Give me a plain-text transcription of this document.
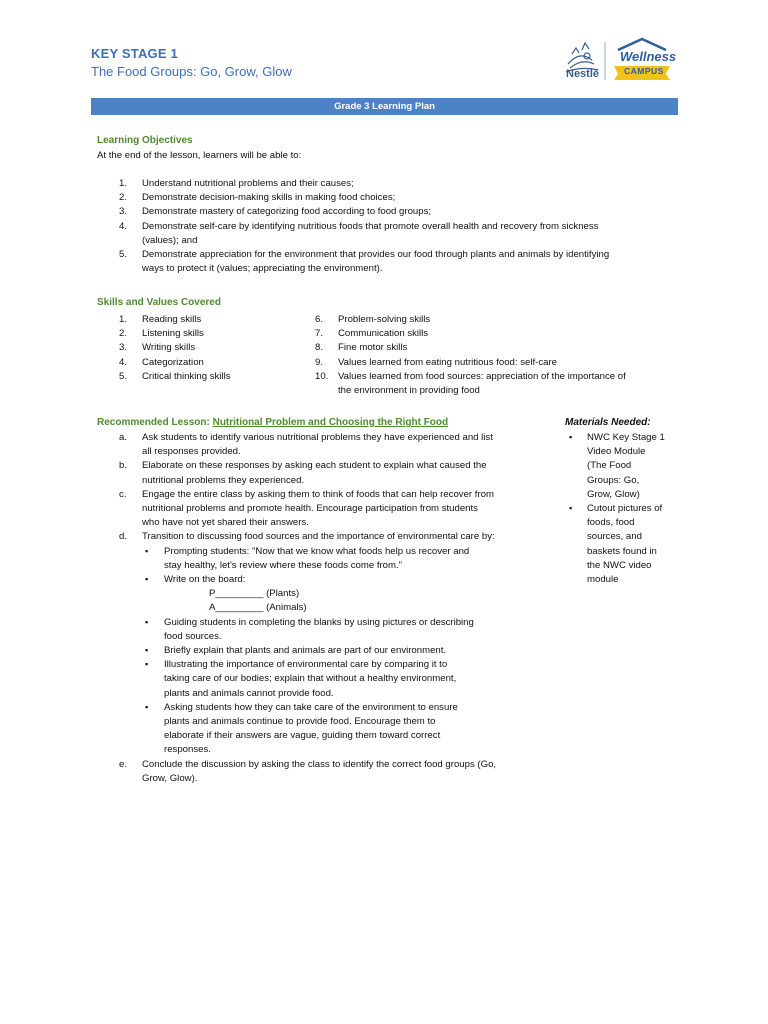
KEY STAGE 1
The Food Groups: Go, Grow, Glow	Nestlé
Wellness
CAMPUS
Grade 3 Learning Plan
Learning Objectives
At the end of the lesson, learners will be able to:
1. Understand nutritional problems and their causes;
2. Demonstrate decision-making skills in making food choices;
3. Demonstrate mastery of categorizing food according to food groups;
4. Demonstrate self-care by identifying nutritious foods that promote overall health and recovery from sickness
(values); and
5. Demonstrate appreciation for the environment that provides our food through plants and animals by identifying
ways to protect it (values; appreciating the environment).
Skills and Values Covered
1. Reading skills
2. Listening skills
3. Writing skills
4. Categorization
5. Critical thinking skills
6. Problem-solving skills
7. Communication skills
8. Fine motor skills
9. Values learned from eating nutritious food: self-care
10. Values learned from food sources: appreciation of the importance of
the environment in providing food
Recommended Lesson: Nutritional Problem and Choosing the Right Food
a. Ask students to identify various nutritional problems they have experienced and list
all responses provided.
b. Elaborate on these responses by asking each student to explain what caused the
nutritional problems they experienced.
c. Engage the entire class by asking them to think of foods that can help recover from
nutritional problems and promote health. Encourage participation from students
who have not yet shared their answers.
d. Transition to discussing food sources and the importance of environmental care by:
▪ Prompting students: "Now that we know what foods help us recover and
stay healthy, let's review where these foods come from."
▪ Write on the board:
P_________ (Plants)
A_________ (Animals)
▪ Guiding students in completing the blanks by using pictures or describing
food sources.
▪ Briefly explain that plants and animals are part of our environment.
▪ Illustrating the importance of environmental care by comparing it to
taking care of our bodies; explain that without a healthy environment,
plants and animals cannot provide food.
▪ Asking students how they can take care of the environment to ensure
plants and animals continue to provide food. Encourage them to
elaborate if their answers are vague, guiding them toward correct
responses.
e. Conclude the discussion by asking the class to identify the correct food groups (Go,
Grow, Glow).
Materials Needed:
▪ NWC Key Stage 1
Video Module
(The Food
Groups: Go,
Grow, Glow)
▪ Cutout pictures of
foods, food
sources, and
baskets found in
the NWC video
module
